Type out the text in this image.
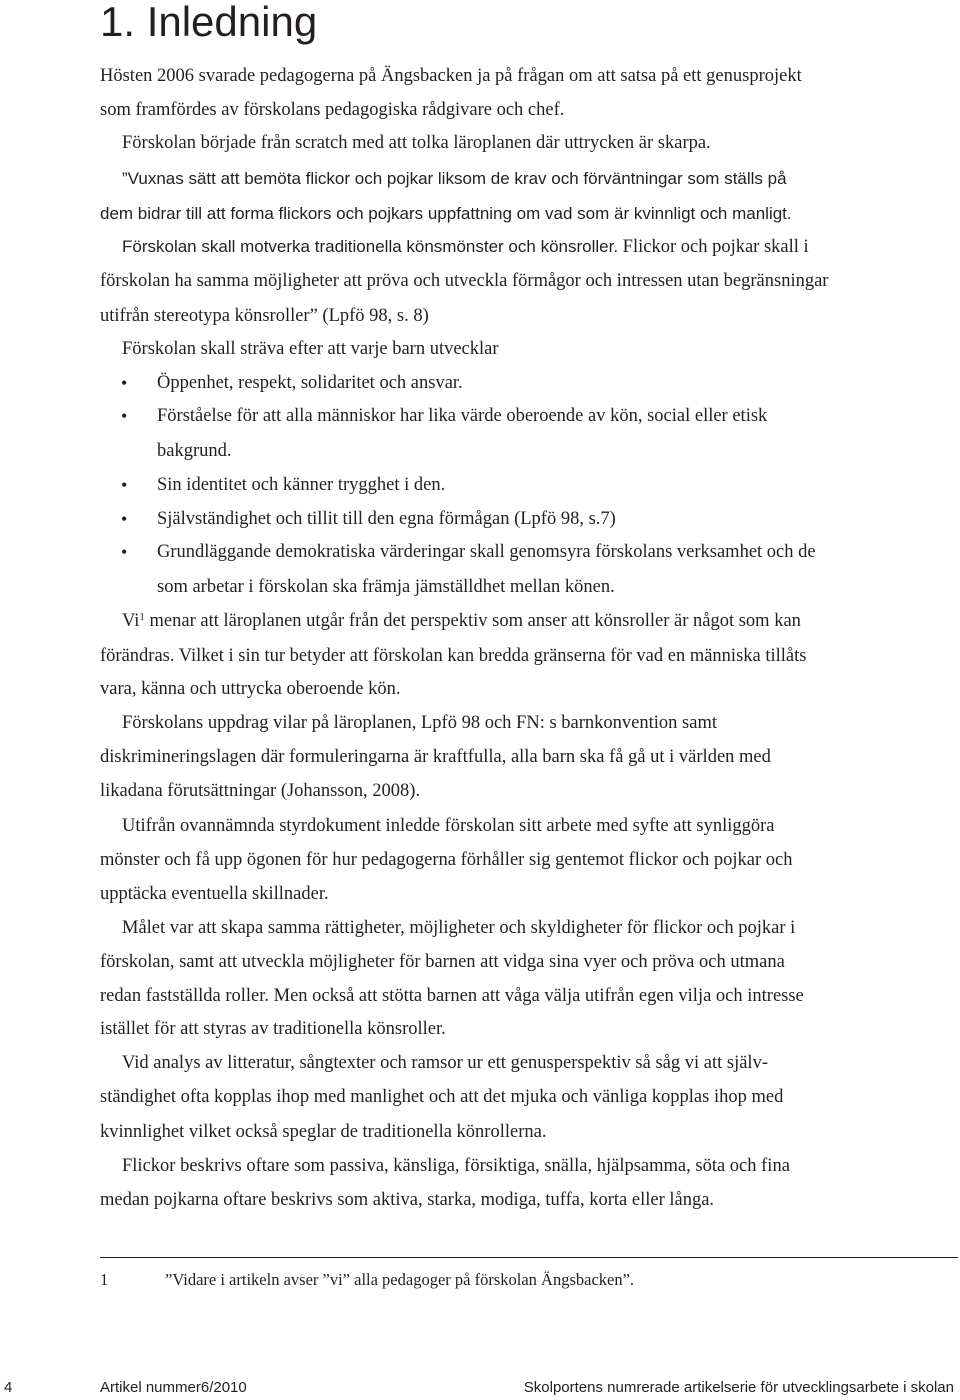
1. Inledning
Hösten 2006 svarade pedagogerna på Ängsbacken ja på frågan om att satsa på ett genusprojekt
som framfördes av förskolans pedagogiska rådgivare och chef.
Förskolan började från scratch med att tolka läroplanen där uttrycken är skarpa.
”Vuxnas sätt att bemöta flickor och pojkar liksom de krav och förväntningar som ställs på
dem bidrar till att forma flickors och pojkars uppfattning om vad som är kvinnligt och manligt.
Förskolan skall motverka traditionella könsmönster och könsroller. Flickor och pojkar skall i
förskolan ha samma möjligheter att pröva och utveckla förmågor och intressen utan begränsningar
utifrån stereotypa könsroller” (Lpfö 98, s. 8)
Förskolan skall sträva efter att varje barn utvecklar
• Öppenhet, respekt, solidaritet och ansvar.
• Förståelse för att alla människor har lika värde oberoende av kön, social eller etisk
bakgrund.
• Sin identitet och känner trygghet i den.
• Självständighet och tillit till den egna förmågan (Lpfö 98, s.7)
• Grundläggande demokratiska värderingar skall genomsyra förskolans verksamhet och de
som arbetar i förskolan ska främja jämställdhet mellan könen.
Vi$^1$ menar att läroplanen utgår från det perspektiv som anser att könsroller är något som kan
förändras. Vilket i sin tur betyder att förskolan kan bredda gränserna för vad en människa tillåts
vara, känna och uttrycka oberoende kön.
Förskolans uppdrag vilar på läroplanen, Lpfö 98 och FN: s barnkonvention samt
diskrimineringslagen där formuleringarna är kraftfulla, alla barn ska få gå ut i världen med
likadana förutsättningar (Johansson, 2008).
Utifrån ovannämnda styrdokument inledde förskolan sitt arbete med syfte att synliggöra
mönster och få upp ögonen för hur pedagogerna förhåller sig gentemot flickor och pojkar och
upptäcka eventuella skillnader.
Målet var att skapa samma rättigheter, möjligheter och skyldigheter för flickor och pojkar i
förskolan, samt att utveckla möjligheter för barnen att vidga sina vyer och pröva och utmana
redan fastställda roller. Men också att stötta barnen att våga välja utifrån egen vilja och intresse
istället för att styras av traditionella könsroller.
Vid analys av litteratur, sångtexter och ramsor ur ett genusperspektiv så såg vi att själv-
ständighet ofta kopplas ihop med manlighet och att det mjuka och vänliga kopplas ihop med
kvinnlighet vilket också speglar de traditionella könrollerna.
Flickor beskrivs oftare som passiva, känsliga, försiktiga, snälla, hjälpsamma, söta och fina
medan pojkarna oftare beskrivs som aktiva, starka, modiga, tuffa, korta eller långa.
1	”Vidare i artikeln avser ”vi” alla pedagoger på förskolan Ängsbacken”.
4	Artikel nummer6/2010	Skolportens numrerade artikelserie för utvecklingsarbete i skolan
